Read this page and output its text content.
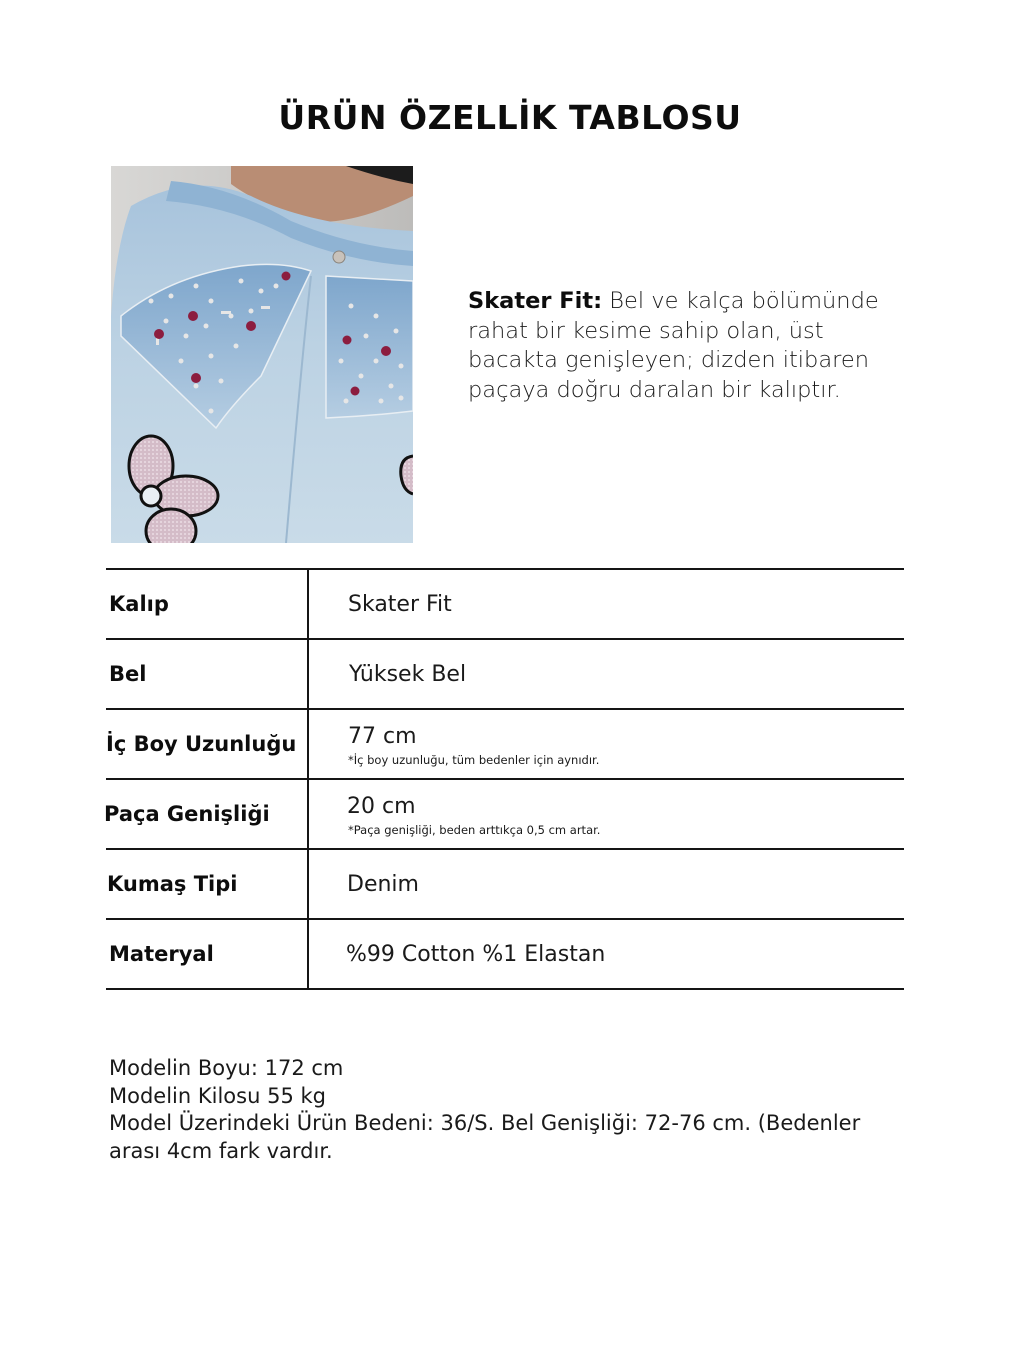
ÜRÜN ÖZELLİK TABLOSU
Skater Fit: Bel ve kalça bölümünde
rahat bir kesime sahip olan, üst
bacakta genişleyen; dizden itibaren
paçaya doğru daralan bir kalıptır.
Kalıp	Skater Fit
Bel	Yüksek Bel
İç Boy Uzunluğu 77 cm
*İç boy uzunluğu, tüm bedenler için aynıdır.
Paça Genişliği	20 cm
*Paça genişliği, beden arttıkça 0,5 cm artar.
Kumaş Tipi	Denim
Materyal	%99 Cotton %1 Elastan
Modelin Boyu: 172 cm
Modelin Kilosu 55 kg
Model Üzerindeki Ürün Bedeni: 36/S. Bel Genişliği: 72-76 cm. (Bedenler
arası 4cm fark vardır.
